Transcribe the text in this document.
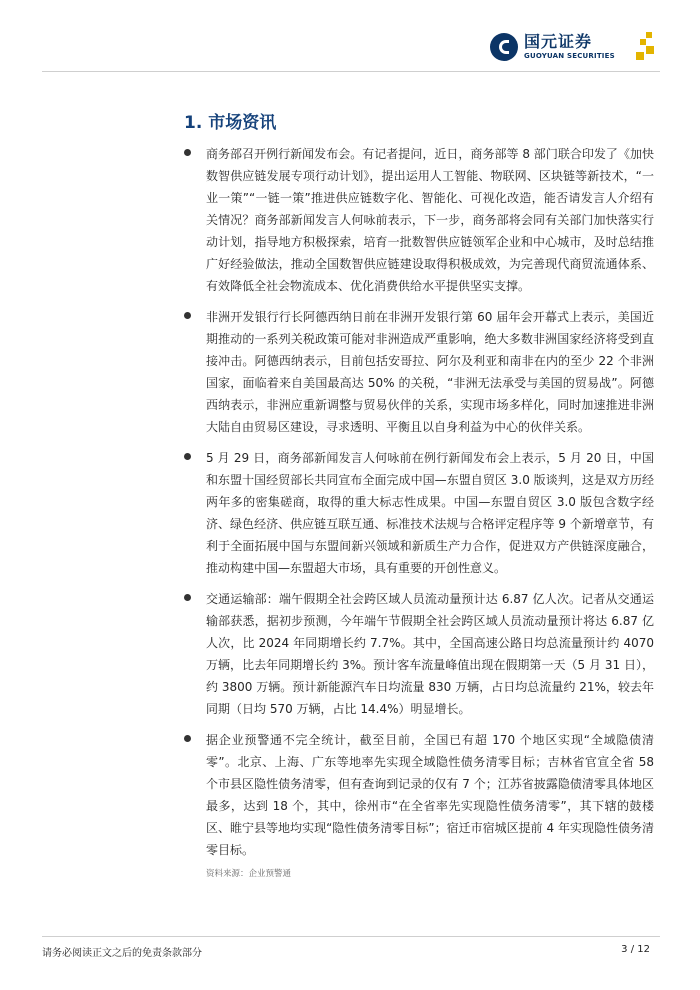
国元证券
GUOYUAN SECURITIES
1. 市场资讯
商务部召开例行新闻发布会。有记者提问，近日，商务部等 8 部门联合印发了《加快数智供应链发展专项行动计划》，提出运用人工智能、物联网、区块链等新技术，“一业一策”“一链一策”推进供应链数字化、智能化、可视化改造，能否请发言人介绍有关情况？商务部新闻发言人何咏前表示，下一步，商务部将会同有关部门加快落实行动计划，指导地方积极探索，培育一批数智供应链领军企业和中心城市，及时总结推广好经验做法，推动全国数智供应链建设取得积极成效，为完善现代商贸流通体系、有效降低全社会物流成本、优化消费供给水平提供坚实支撑。
非洲开发银行行长阿德西纳日前在非洲开发银行第 60 届年会开幕式上表示，美国近期推动的一系列关税政策可能对非洲造成严重影响，绝大多数非洲国家经济将受到直接冲击。阿德西纳表示，目前包括安哥拉、阿尔及利亚和南非在内的至少 22 个非洲国家，面临着来自美国最高达 50% 的关税，“非洲无法承受与美国的贸易战”。阿德西纳表示，非洲应重新调整与贸易伙伴的关系，实现市场多样化，同时加速推进非洲大陆自由贸易区建设，寻求透明、平衡且以自身利益为中心的伙伴关系。
5 月 29 日，商务部新闻发言人何咏前在例行新闻发布会上表示，5 月 20 日，中国和东盟十国经贸部长共同宣布全面完成中国—东盟自贸区 3.0 版谈判，这是双方历经两年多的密集磋商，取得的重大标志性成果。中国—东盟自贸区 3.0 版包含数字经济、绿色经济、供应链互联互通、标准技术法规与合格评定程序等 9 个新增章节，有利于全面拓展中国与东盟间新兴领域和新质生产力合作，促进双方产供链深度融合，推动构建中国—东盟超大市场，具有重要的开创性意义。
交通运输部：端午假期全社会跨区域人员流动量预计达 6.87 亿人次。记者从交通运输部获悉，据初步预测，今年端午节假期全社会跨区域人员流动量预计将达 6.87 亿人次，比 2024 年同期增长约 7.7%。其中，全国高速公路日均总流量预计约 4070 万辆，比去年同期增长约 3%。预计客车流量峰值出现在假期第一天（5 月 31 日），约 3800 万辆。预计新能源汽车日均流量 830 万辆，占日均总流量约 21%，较去年同期（日均 570 万辆，占比 14.4%）明显增长。
据企业预警通不完全统计，截至目前，全国已有超 170 个地区实现“全域隐债清零”。北京、上海、广东等地率先实现全域隐性债务清零目标；吉林省官宣全省 58 个市县区隐性债务清零，但有查询到记录的仅有 7 个；江苏省披露隐债清零具体地区最多，达到 18 个，其中，徐州市“在全省率先实现隐性债务清零”，其下辖的鼓楼区、睢宁县等地均实现“隐性债务清零目标”；宿迁市宿城区提前 4 年实现隐性债务清零目标。
资料来源：企业预警通
请务必阅读正文之后的免责条款部分	3 / 12
